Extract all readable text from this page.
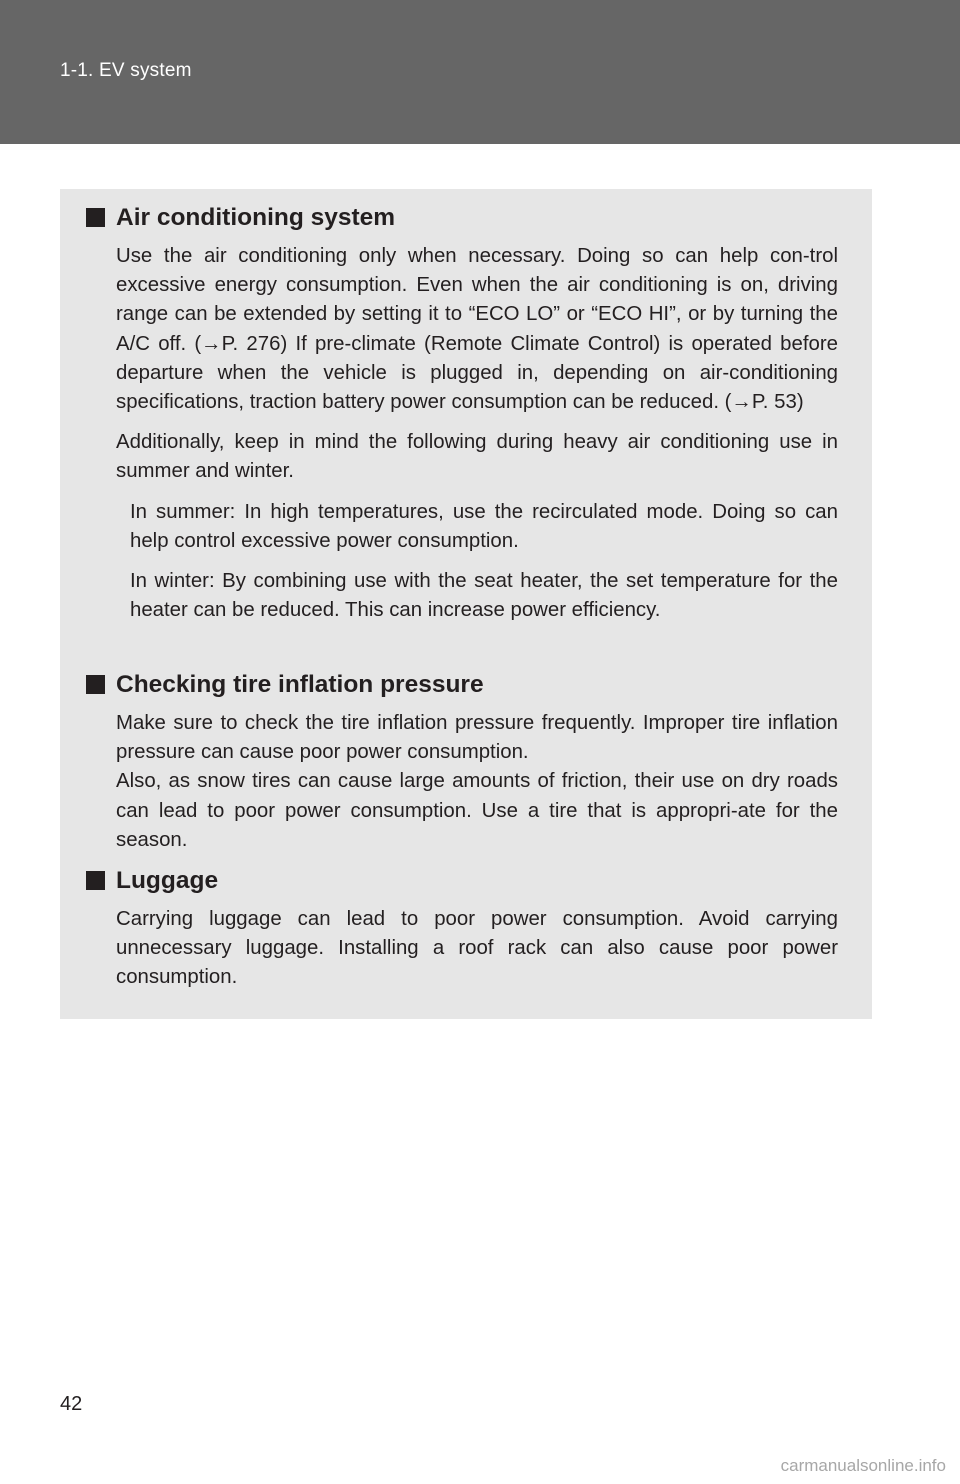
1-1. EV system
Air conditioning system

Use the air conditioning only when necessary. Doing so can help con-trol excessive energy consumption. Even when the air conditioning is on, driving range can be extended by setting it to “ECO LO” or “ECO HI”, or by turning the A/C off. (→P. 276) If pre-climate (Remote Climate Control) is operated before departure when the vehicle is plugged in, depending on air-conditioning specifications, traction battery power consumption can be reduced. (→P. 53)

Additionally, keep in mind the following during heavy air conditioning use in summer and winter.

In summer: In high temperatures, use the recirculated mode. Doing so can help control excessive power consumption.

In winter: By combining use with the seat heater, the set temperature for the heater can be reduced. This can increase power efficiency.

Checking tire inflation pressure

Make sure to check the tire inflation pressure frequently. Improper tire inflation pressure can cause poor power consumption.

Also, as snow tires can cause large amounts of friction, their use on dry roads can lead to poor power consumption. Use a tire that is appropri-ate for the season.

Luggage

Carrying luggage can lead to poor power consumption. Avoid carrying unnecessary luggage. Installing a roof rack can also cause poor power consumption.

42
carmanualsonline.info
